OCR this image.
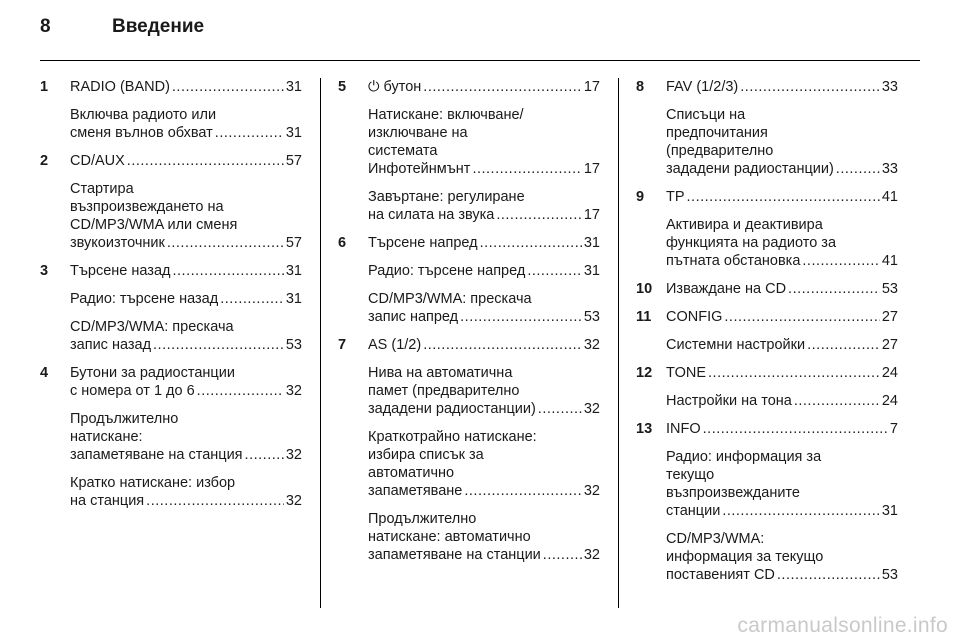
8	Введение
1	RADIO (BAND) .....	31
Включва радиото или
сменя вълнов обхват .....	31
2	CD/AUX .....	57
Стартира
възпроизвеждането на
CD/MP3/WMA или сменя
звукоизточник .....	57
3	Търсене назад .....	31
Радио: търсене назад .....	31
CD/MP3/WMA: прескача
запис назад .....	53
4	Бутони за радиостанции
с номера от 1 до 6 .....	32
Продължително
натискане:
запаметяване на станция .....	32
Кратко натискане: избор
на станция .....	32
5	⏻ бутон .....	17
Натискане: включване/
изключване на
системата
Инфотейнмънт .....	17
Завъртане: регулиране
на силата на звука .....	17
6	Търсене напред .....	31
Радио: търсене напред .....	31
CD/MP3/WMA: прескача
запис напред .....	53
7	AS (1/2) .....	32
Нива на автоматична
памет (предварително
зададени радиостанции) .....	32
Краткотрайно натискане:
избира списък за
автоматично
запаметяване .....	32
Продължително
натискане: автоматично
запаметяване на станции .....	32
8	FAV (1/2/3) .....	33
Списъци на
предпочитания
(предварително
зададени радиостанции) .....	33
9	TP .....	41
Активира и деактивира
функцията на радиото за
пътната обстановка .....	41
10 Изваждане на CD .....	53
11	CONFIG .....	27
Системни настройки .....	27
12 TONE .....	24
Настройки на тона .....	24
13 INFO .....	7
Радио: информация за
текущо
възпроизвежданите
станции .....	31
CD/MP3/WMA:
информация за текущо
поставеният CD .....	53
carmanualsonline.info
